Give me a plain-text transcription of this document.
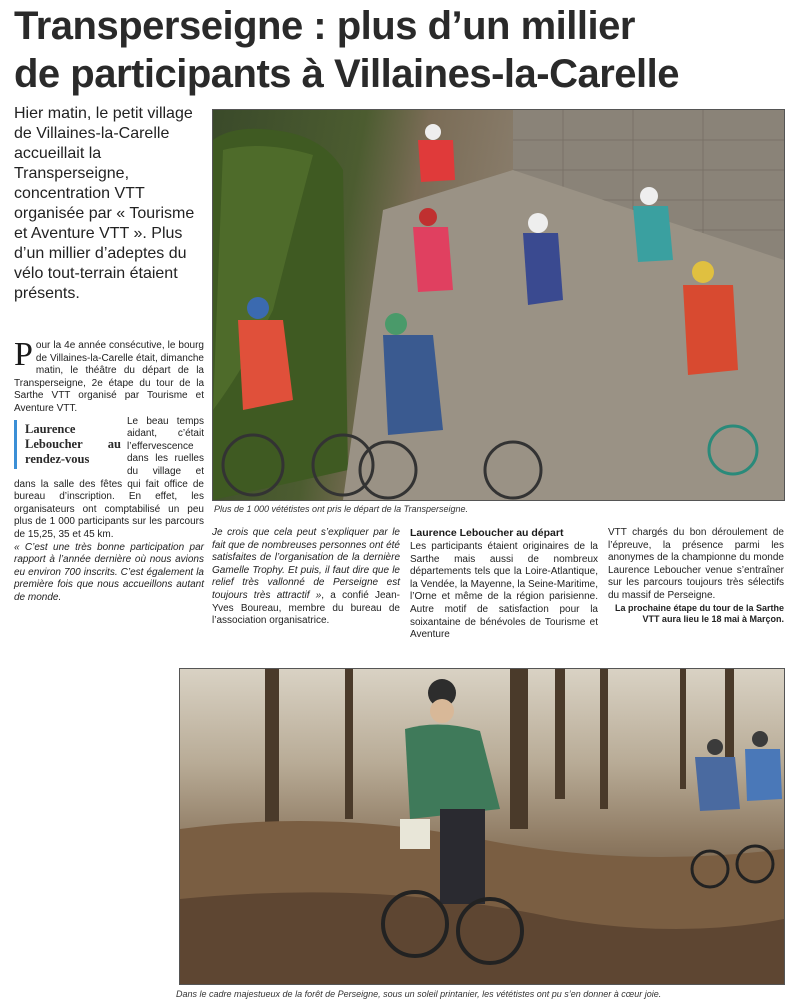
Transperseigne : plus d’un millier
de participants à Villaines-la-Carelle
Hier matin, le petit village de Villaines-la-Carelle accueillait la Transperseigne, concentration VTT organisée par « Tourisme et Aventure VTT ». Plus d’un millier d’adeptes du vélo tout-terrain étaient présents.

Pour la 4e année consécutive, le bourg de Villaines-la-Carelle était, dimanche matin, le théâtre du départ de la Transperseigne, 2e étape du tour de la Sarthe VTT organisé par Tourisme et Aventure VTT.

Laurence Leboucher au rendez-vous
Le beau temps aidant, c’était l’effervescence dans les ruelles du village et dans la salle des fêtes qui fait office de bureau d’inscription. En effet, les organisateurs ont comptabilisé un peu plus de 1 000 participants sur les parcours de 15,25, 35 et 45 km.

« C’est une très bonne participation par rapport à l’année dernière où nous avions eu environ 700 inscrits. C’est également la première fois que nous accueillons autant de monde.

Plus de 1 000 vététistes ont pris le départ de la Transperseigne.

Je crois que cela peut s’expliquer par le fait que de nombreuses personnes ont été satisfaites de l’organisation de la dernière Gamelle Trophy. Et puis, il faut dire que le relief très vallonné de Perseigne est toujours très attractif », a confié Jean-Yves Boureau, membre du bureau de l’association organisatrice.

Laurence Leboucher au départ

Les participants étaient originaires de la Sarthe mais aussi de nombreux départements tels que la Loire-Atlantique, la Vendée, la Mayenne, la Seine-Maritime, l’Orne et même de la région parisienne. Autre motif de satisfaction pour la soixantaine de bénévoles de Tourisme et Aventure

VTT chargés du bon déroulement de l’épreuve, la présence parmi les anonymes de la championne du monde Laurence Leboucher venue s’entraîner sur les parcours toujours très sélectifs du massif de Perseigne.

La prochaine étape du tour de la Sarthe VTT aura lieu le 18 mai à Marçon.

Dans le cadre majestueux de la forêt de Perseigne, sous un soleil printanier, les vététistes ont pu s’en donner à cœur joie.
